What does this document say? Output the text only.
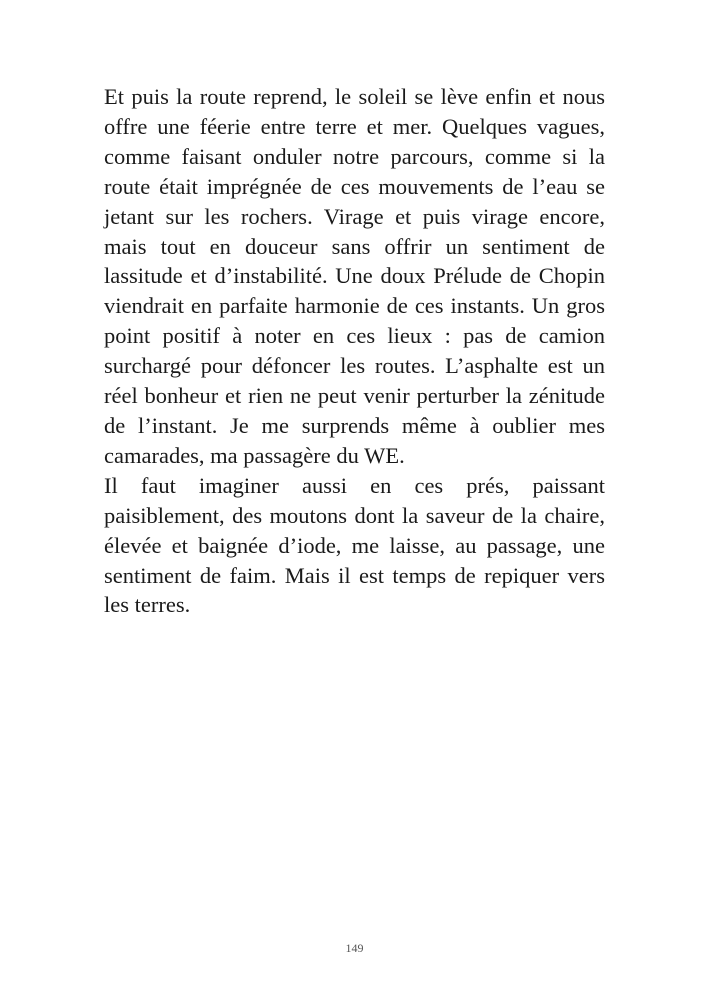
Et puis la route reprend, le soleil se lève enfin et nous offre une féerie entre terre et mer. Quelques vagues, comme faisant onduler notre parcours, comme si la route était imprégnée de ces mouvements de l’eau se jetant sur les rochers. Virage et puis virage encore, mais tout en douceur sans offrir un sentiment de lassitude et d’instabilité. Une doux Prélude de Chopin viendrait en parfaite harmonie de ces instants. Un gros point positif à noter en ces lieux : pas de camion surchargé pour défoncer les routes. L’asphalte est un réel bonheur et rien ne peut venir perturber la zénitude de l’instant. Je me surprends même à oublier mes camarades, ma passagère du WE.

Il faut imaginer aussi en ces prés, paissant paisiblement, des moutons dont la saveur de la chaire, élevée et baignée d’iode, me laisse, au passage, une sentiment de faim. Mais il est temps de repiquer vers les terres.

149
